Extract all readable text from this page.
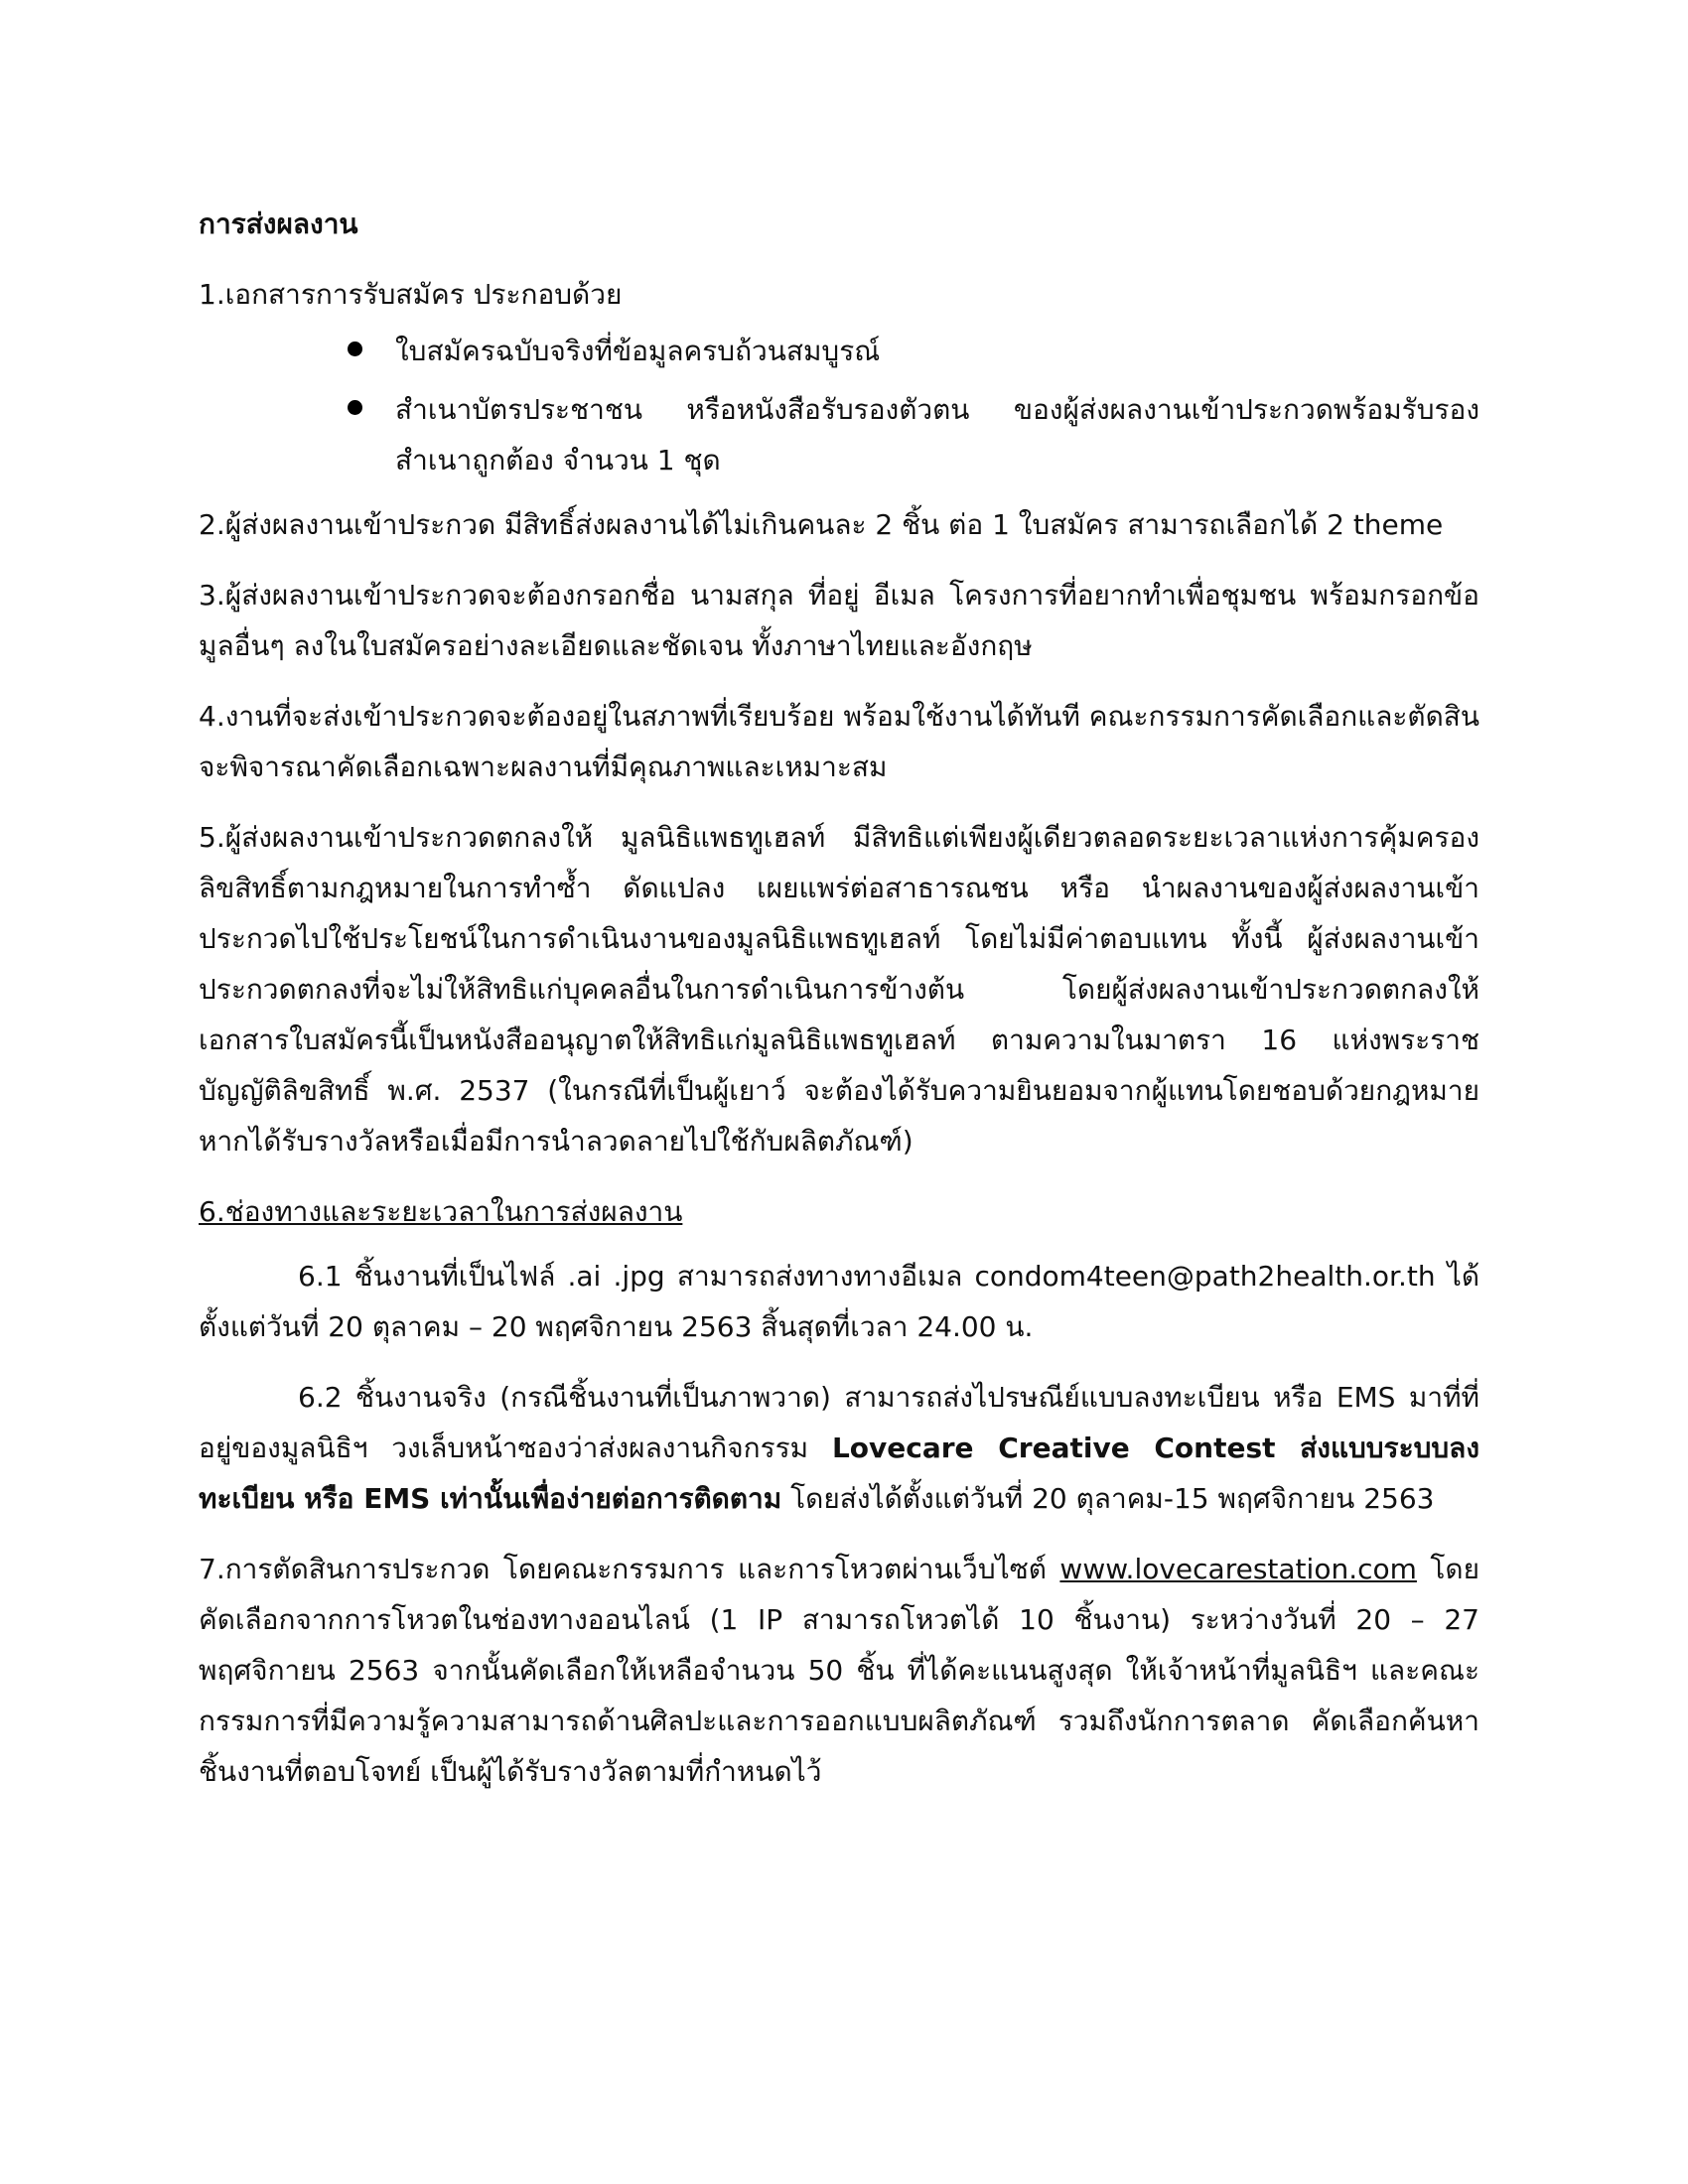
การส่งผลงาน
1.เอกสารการรับสมัคร ประกอบด้วย
ใบสมัครฉบับจริงที่ข้อมูลครบถ้วนสมบูรณ์
สำเนาบัตรประชาชน หรือหนังสือรับรองตัวตน ของผู้ส่งผลงานเข้าประกวดพร้อมรับรองสำเนาถูกต้อง จำนวน 1 ชุด
2.ผู้ส่งผลงานเข้าประกวด มีสิทธิ์ส่งผลงานได้ไม่เกินคนละ 2 ชิ้น ต่อ 1 ใบสมัคร สามารถเลือกได้ 2 theme
3.ผู้ส่งผลงานเข้าประกวดจะต้องกรอกชื่อ นามสกุล ที่อยู่ อีเมล โครงการที่อยากทำเพื่อชุมชน พร้อมกรอกข้อมูลอื่นๆ ลงในใบสมัครอย่างละเอียดและชัดเจน ทั้งภาษาไทยและอังกฤษ
4.งานที่จะส่งเข้าประกวดจะต้องอยู่ในสภาพที่เรียบร้อย พร้อมใช้งานได้ทันที คณะกรรมการคัดเลือกและตัดสินจะพิจารณาคัดเลือกเฉพาะผลงานที่มีคุณภาพและเหมาะสม
5.ผู้ส่งผลงานเข้าประกวดตกลงให้ มูลนิธิแพธทูเฮลท์ มีสิทธิแต่เพียงผู้เดียวตลอดระยะเวลาแห่งการคุ้มครองลิขสิทธิ์ตามกฎหมายในการทำซ้ำ ดัดแปลง เผยแพร่ต่อสาธารณชน หรือ นำผลงานของผู้ส่งผลงานเข้าประกวดไปใช้ประโยชน์ในการดำเนินงานของมูลนิธิแพธทูเฮลท์ โดยไม่มีค่าตอบแทน ทั้งนี้ ผู้ส่งผลงานเข้าประกวดตกลงที่จะไม่ให้สิทธิแก่บุคคลอื่นในการดำเนินการข้างต้น โดยผู้ส่งผลงานเข้าประกวดตกลงให้เอกสารใบสมัครนี้เป็นหนังสืออนุญาตให้สิทธิแก่มูลนิธิแพธทูเฮลท์ ตามความในมาตรา 16 แห่งพระราชบัญญัติลิขสิทธิ์ พ.ศ. 2537 (ในกรณีที่เป็นผู้เยาว์ จะต้องได้รับความยินยอมจากผู้แทนโดยชอบด้วยกฎหมายหากได้รับรางวัลหรือเมื่อมีการนำลวดลายไปใช้กับผลิตภัณฑ์)
6.ช่องทางและระยะเวลาในการส่งผลงาน
6.1 ชิ้นงานที่เป็นไฟล์ .ai .jpg สามารถส่งทางทางอีเมล condom4teen@path2health.or.th ได้ตั้งแต่วันที่ 20 ตุลาคม – 20 พฤศจิกายน 2563 สิ้นสุดที่เวลา 24.00 น.
6.2 ชิ้นงานจริง (กรณีชิ้นงานที่เป็นภาพวาด) สามารถส่งไปรษณีย์แบบลงทะเบียน หรือ EMS มาที่ที่อยู่ของมูลนิธิฯ วงเล็บหน้าซองว่าส่งผลงานกิจกรรม Lovecare Creative Contest ส่งแบบระบบลงทะเบียน หรือ EMS เท่านั้นเพื่อง่ายต่อการติดตาม โดยส่งได้ตั้งแต่วันที่ 20 ตุลาคม-15 พฤศจิกายน 2563
7.การตัดสินการประกวด โดยคณะกรรมการ และการโหวตผ่านเว็บไซต์ www.lovecarestation.com โดยคัดเลือกจากการโหวตในช่องทางออนไลน์ (1 IP สามารถโหวตได้ 10 ชิ้นงาน) ระหว่างวันที่ 20 – 27 พฤศจิกายน 2563 จากนั้นคัดเลือกให้เหลือจำนวน 50 ชิ้น ที่ได้คะแนนสูงสุด ให้เจ้าหน้าที่มูลนิธิฯ และคณะกรรมการที่มีความรู้ความสามารถด้านศิลปะและการออกแบบผลิตภัณฑ์ รวมถึงนักการตลาด คัดเลือกค้นหา ชิ้นงานที่ตอบโจทย์ เป็นผู้ได้รับรางวัลตามที่กำหนดไว้
